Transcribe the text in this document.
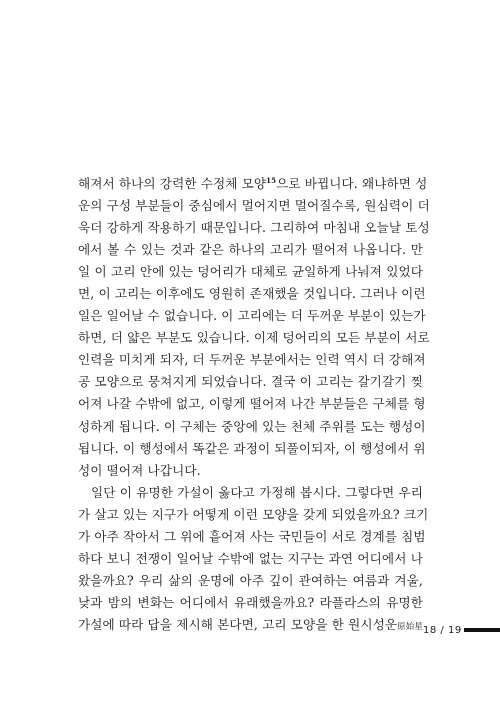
해져서 하나의 강력한 수정체 모양$^{15}$으로 바뀝니다. 왜냐하면 성
운의 구성 부분들이 중심에서 멀어지면 멀어질수록, 원심력이 더
욱더 강하게 작용하기 때문입니다. 그리하여 마침내 오늘날 토성
에서 볼 수 있는 것과 같은 하나의 고리가 떨어져 나옵니다. 만
일 이 고리 안에 있는 덩어리가 대체로 균일하게 나눠져 있었다
면, 이 고리는 이후에도 영원히 존재했을 것입니다. 그러나 이런
일은 일어날 수 없습니다. 이 고리에는 더 두꺼운 부분이 있는가
하면, 더 얇은 부분도 있습니다. 이제 덩어리의 모든 부분이 서로
인력을 미치게 되자, 더 두꺼운 부분에서는 인력 역시 더 강해져
공 모양으로 뭉쳐지게 되었습니다. 결국 이 고리는 갈기갈기 찢
어져 나갈 수밖에 없고, 이렇게 떨어져 나간 부분들은 구체를 형
성하게 됩니다. 이 구체는 중앙에 있는 천체 주위를 도는 행성이
됩니다. 이 행성에서 똑같은 과정이 되풀이되자, 이 행성에서 위
성이 떨어져 나갑니다.
일단 이 유명한 가설이 옳다고 가정해 봅시다. 그렇다면 우리
가 살고 있는 지구가 어떻게 이런 모양을 갖게 되었을까요? 크기
가 아주 작아서 그 위에 흩어져 사는 국민들이 서로 경계를 침범
하다 보니 전쟁이 일어날 수밖에 없는 지구는 과연 어디에서 나
왔을까요? 우리 삶의 운명에 아주 깊이 관여하는 여름과 겨울,
낮과 밤의 변화는 어디에서 유래했을까요? 라플라스의 유명한
가설에 따라 답을 제시해 본다면, 고리 모양을 한 원시성운原始星 18 / 19
